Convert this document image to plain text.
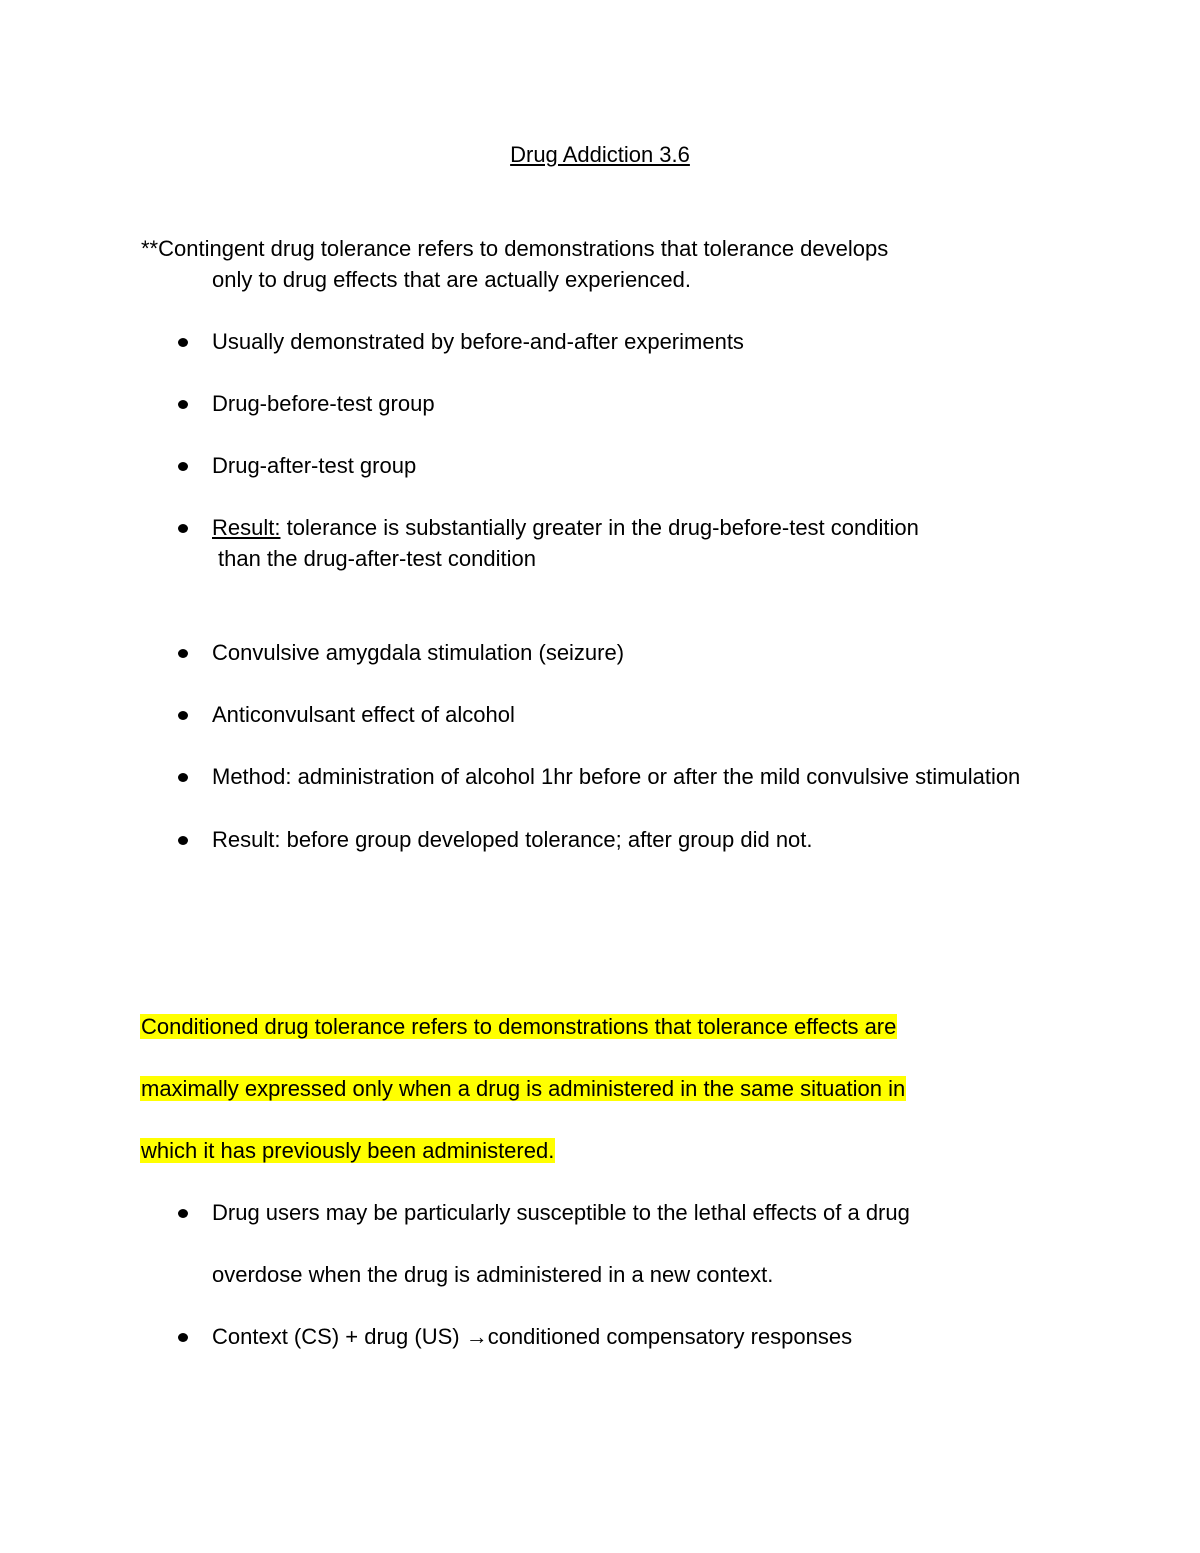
Drug Addiction 3.6
**Contingent drug tolerance refers to demonstrations that tolerance develops
only to drug effects that are actually experienced.
Usually demonstrated by before-and-after experiments
Drug-before-test group
Drug-after-test group
Result: tolerance is substantially greater in the drug-before-test condition
than the drug-after-test condition
Convulsive amygdala stimulation (seizure)
Anticonvulsant effect of alcohol
Method: administration of alcohol 1hr before or after the mild convulsive stimulation
Result: before group developed tolerance; after group did not.
Conditioned drug tolerance refers to demonstrations that tolerance effects are
maximally expressed only when a drug is administered in the same situation in
which it has previously been administered.
Drug users may be particularly susceptible to the lethal effects of a drug
overdose when the drug is administered in a new context.
Context (CS) + drug (US) →conditioned compensatory responses
